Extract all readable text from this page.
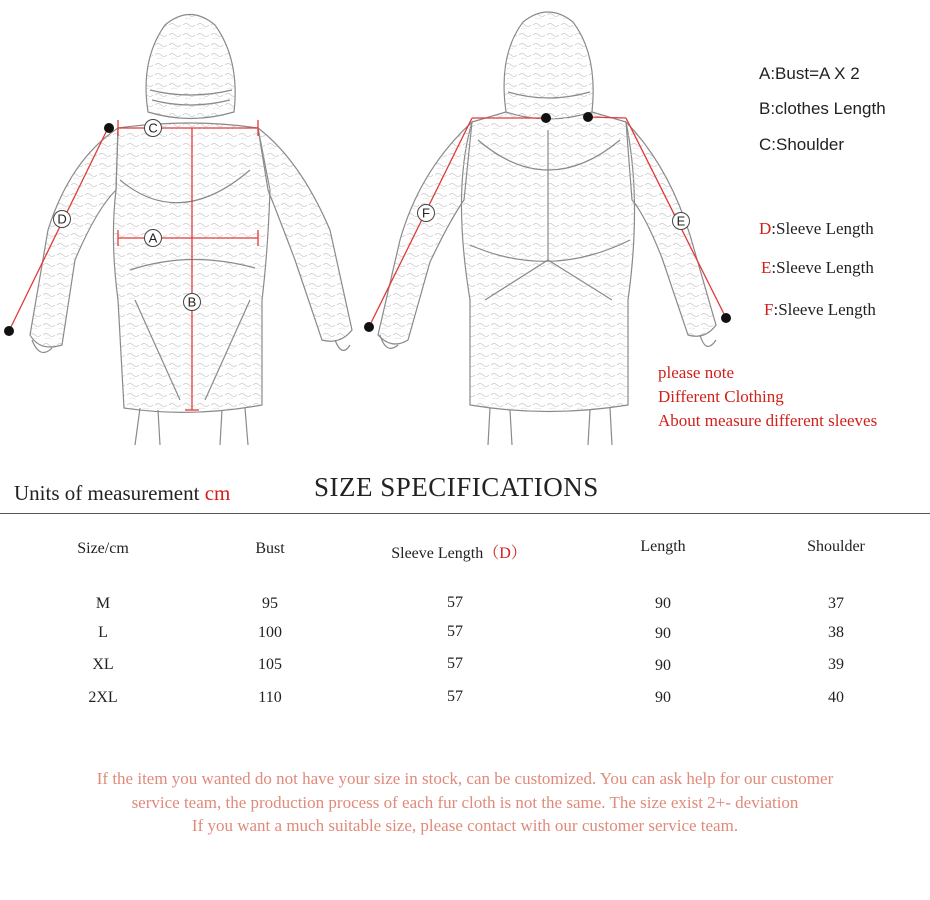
C
A
B
D	F
E
A:Bust=A X 2
B:clothes Length
C:Shoulder
D:Sleeve Length
E:Sleeve Length
F:Sleeve Length
please note
Different Clothing
About measure different sleeves
Units of measurement cm	SIZE SPECIFICATIONS
Size/cm	Bust	Sleeve Length（D）	Length	Shoulder
M	95	57	90	37
L	100	57	90	38
XL	105	57	90	39
2XL	110	57	90	40
If the item you wanted do not have your size in stock, can be customized. You can ask help for our customer
service team, the production process of each fur cloth is not the same. The size exist 2+- deviation
If you want a much suitable size, please contact with our customer service team.
